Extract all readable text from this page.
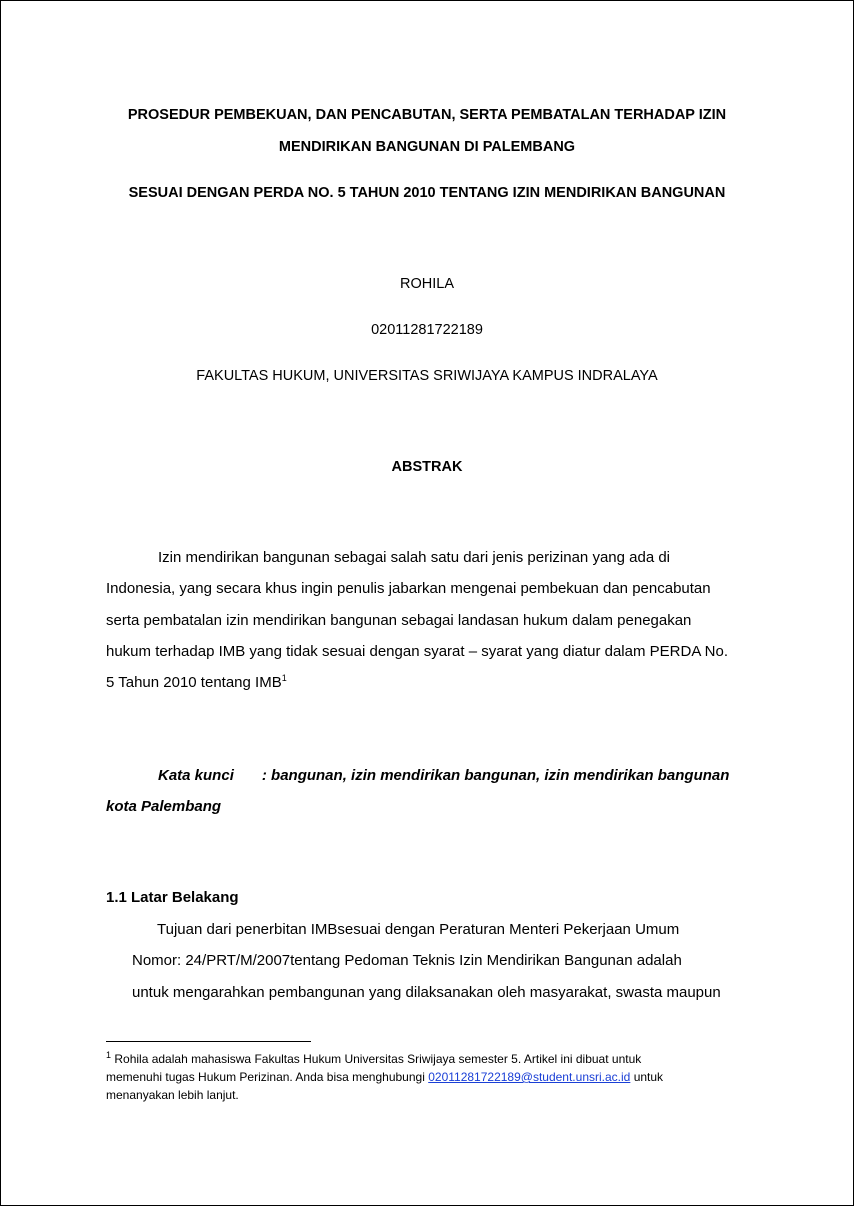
PROSEDUR PEMBEKUAN, DAN PENCABUTAN, SERTA PEMBATALAN TERHADAP IZIN
MENDIRIKAN BANGUNAN DI PALEMBANG
SESUAI DENGAN PERDA NO. 5 TAHUN 2010 TENTANG IZIN MENDIRIKAN BANGUNAN
ROHILA
02011281722189
FAKULTAS HUKUM, UNIVERSITAS SRIWIJAYA KAMPUS INDRALAYA
ABSTRAK
Izin mendirikan bangunan sebagai salah satu dari jenis perizinan yang ada di
Indonesia, yang secara khus ingin penulis jabarkan mengenai pembekuan dan pencabutan
serta pembatalan izin mendirikan bangunan sebagai landasan hukum dalam penegakan
hukum terhadap IMB yang tidak sesuai dengan syarat – syarat yang diatur dalam PERDA No.
5 Tahun 2010 tentang IMB$^1$
Kata kunci : bangunan, izin mendirikan bangunan, izin mendirikan bangunan
kota Palembang
1.1 Latar Belakang
Tujuan dari penerbitan IMBsesuai dengan Peraturan Menteri Pekerjaan Umum
Nomor: 24/PRT/M/2007tentang Pedoman Teknis Izin Mendirikan Bangunan adalah
untuk mengarahkan pembangunan yang dilaksanakan oleh masyarakat, swasta maupun
$^1$ Rohila adalah mahasiswa Fakultas Hukum Universitas Sriwijaya semester 5. Artikel ini dibuat untuk
memenuhi tugas Hukum Perizinan. Anda bisa menghubungi 02011281722189@student.unsri.ac.id untuk
menanyakan lebih lanjut.
